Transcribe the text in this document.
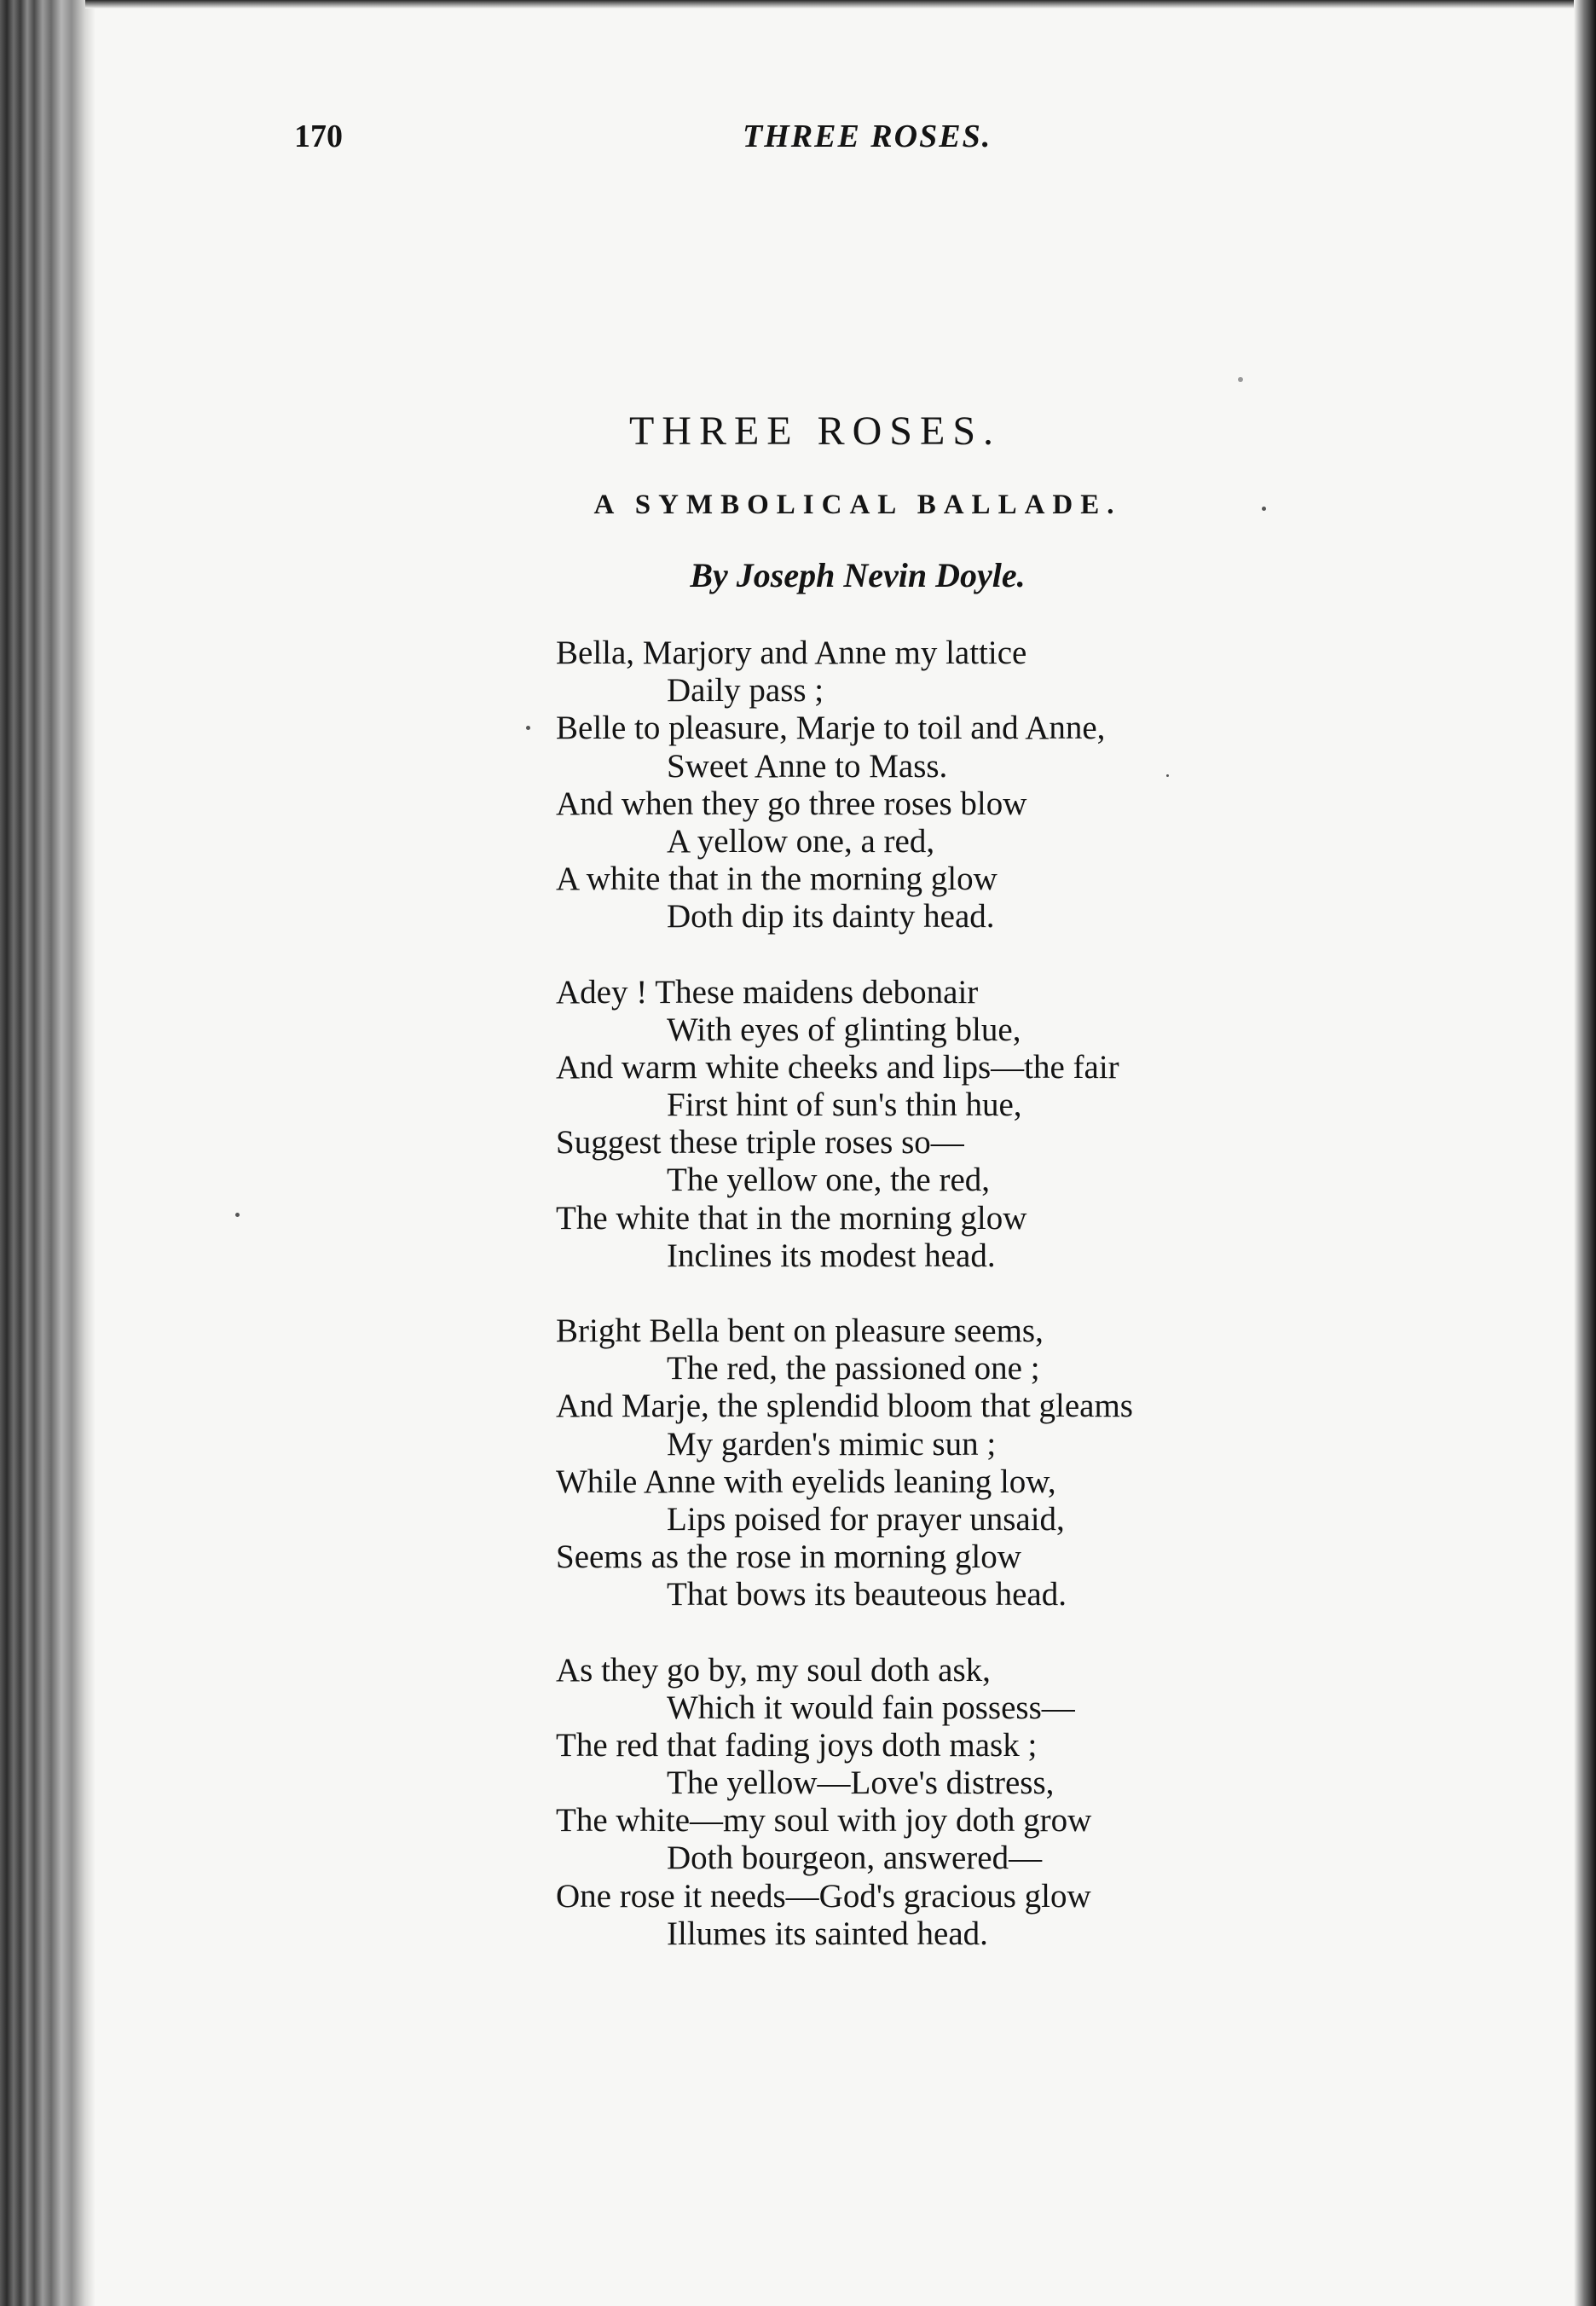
170	THREE ROSES.
THREE ROSES.
A SYMBOLICAL BALLADE.
By Joseph Nevin Doyle.
Bella, Marjory and Anne my lattice
Daily pass ;
Belle to pleasure, Marje to toil and Anne,
Sweet Anne to Mass.
And when they go three roses blow
A yellow one, a red,
A white that in the morning glow
Doth dip its dainty head.
Adey ! These maidens debonair
With eyes of glinting blue,
And warm white cheeks and lips—the fair
First hint of sun's thin hue,
Suggest these triple roses so—
The yellow one, the red,
The white that in the morning glow
Inclines its modest head.
Bright Bella bent on pleasure seems,
The red, the passioned one ;
And Marje, the splendid bloom that gleams
My garden's mimic sun ;
While Anne with eyelids leaning low,
Lips poised for prayer unsaid,
Seems as the rose in morning glow
That bows its beauteous head.
As they go by, my soul doth ask,
Which it would fain possess—
The red that fading joys doth mask ;
The yellow—Love's distress,
The white—my soul with joy doth grow
Doth bourgeon, answered—
One rose it needs—God's gracious glow
Illumes its sainted head.
